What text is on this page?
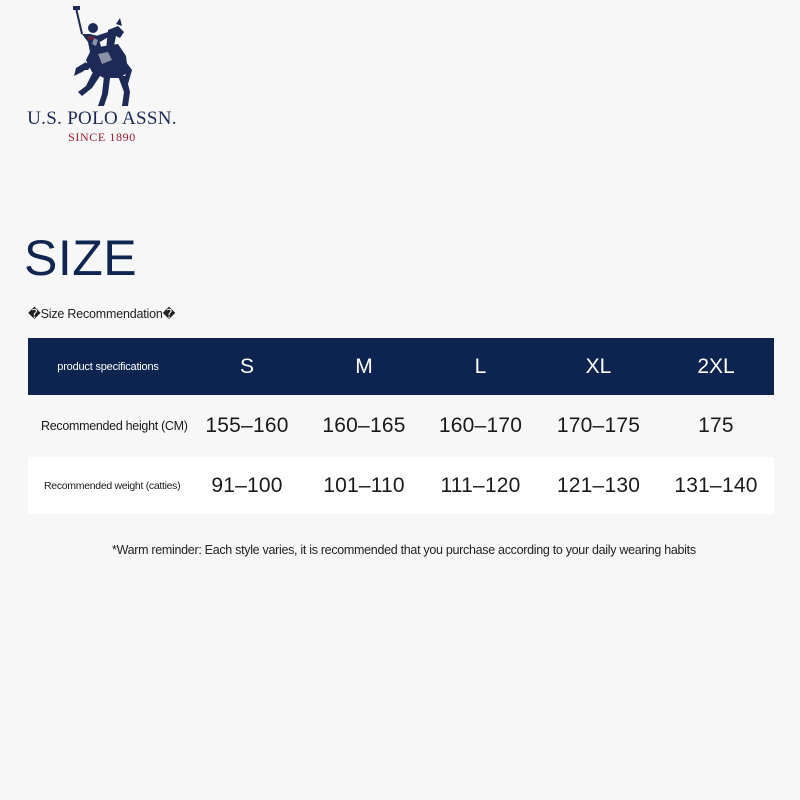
U.S. POLO ASSN.
SINCE 1890
SIZE
�Size Recommendation�
product specifications	S	M	L	XL	2XL
Recommended height (CM)	155–160	160–165	160–170	170–175	175
Recommended weight (catties)	91–100	101–110	111–120	121–130	131–140
*Warm reminder: Each style varies, it is recommended that you purchase according to your daily wearing habits
